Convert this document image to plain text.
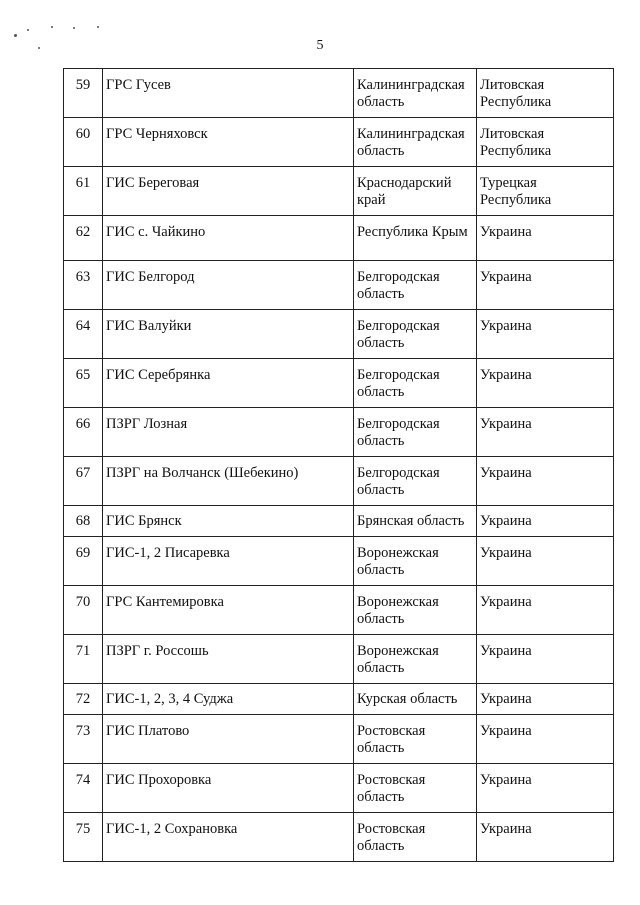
5
59	ГРС Гусев	Калининградская область	Литовская Республика
60	ГРС Черняховск	Калининградская область	Литовская Республика
61	ГИС Береговая	Краснодарский край	Турецкая Республика
62	ГИС с. Чайкино	Республика Крым	Украина
63	ГИС Белгород	Белгородская область	Украина
64	ГИС Валуйки	Белгородская область	Украина
65	ГИС Серебрянка	Белгородская область	Украина
66	ПЗРГ Лозная	Белгородская область	Украина
67	ПЗРГ на Волчанск (Шебекино)	Белгородская область	Украина
68	ГИС Брянск	Брянская область	Украина
69	ГИС-1, 2 Писаревка	Воронежская область	Украина
70	ГРС Кантемировка	Воронежская область	Украина
71	ПЗРГ г. Россошь	Воронежская область	Украина
72	ГИС-1, 2, 3, 4 Суджа	Курская область	Украина
73	ГИС Платово	Ростовская область	Украина
74	ГИС Прохоровка	Ростовская область	Украина
75	ГИС-1, 2 Сохрановка	Ростовская область	Украина
